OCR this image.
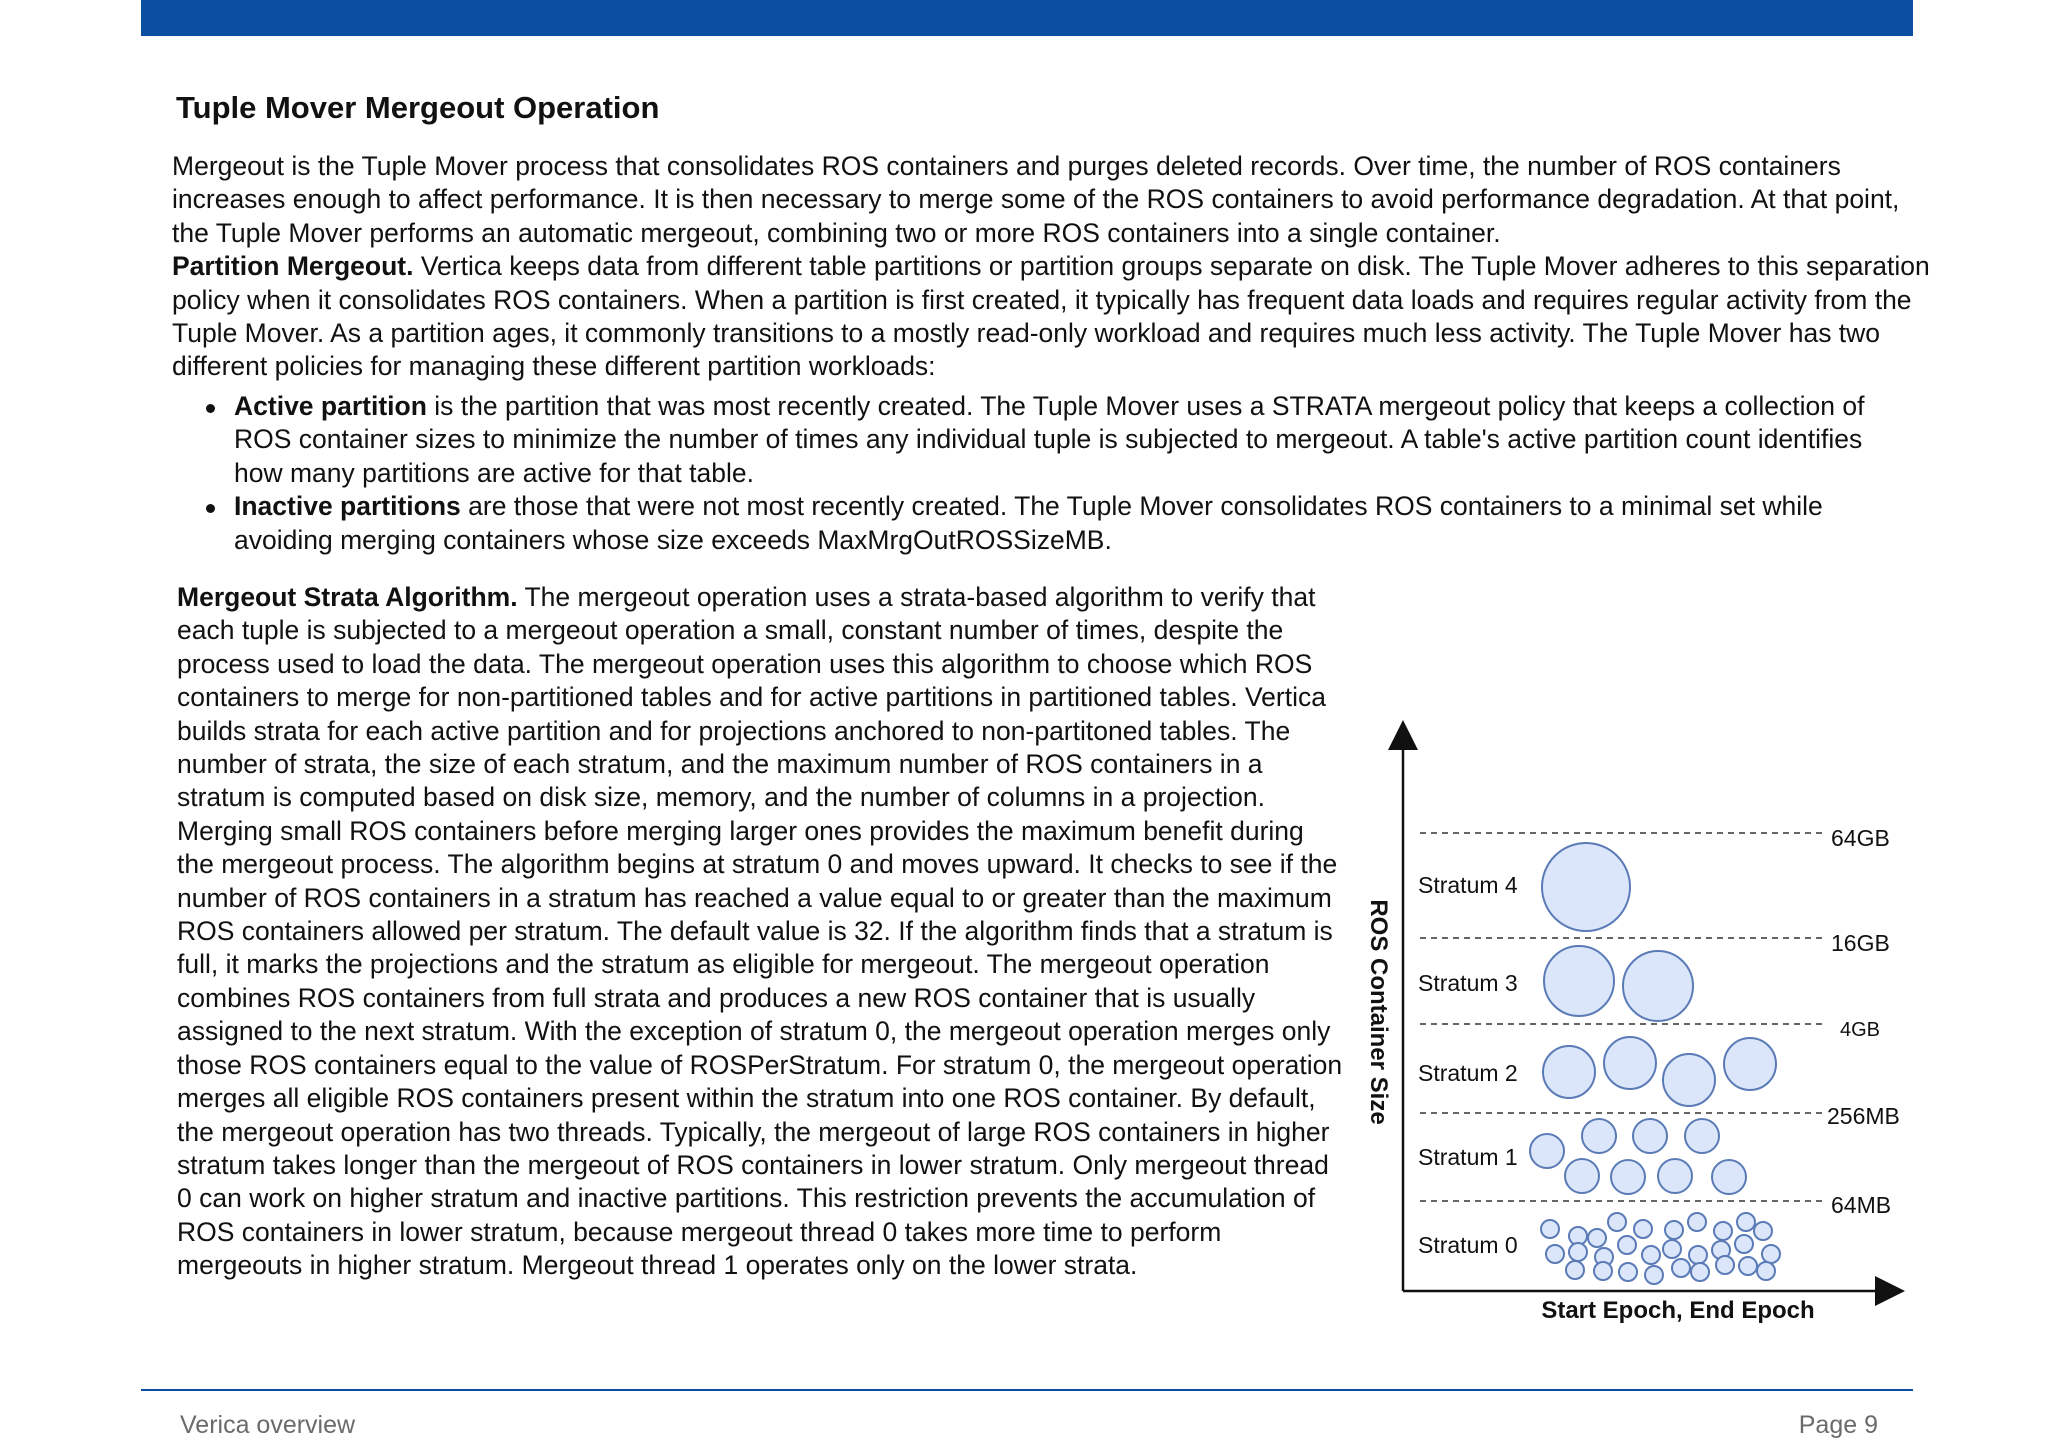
Tuple Mover Mergeout Operation

Mergeout is the Tuple Mover process that consolidates ROS containers and purges deleted records. Over time, the number of ROS containers increases enough to affect performance. It is then necessary to merge some of the ROS containers to avoid performance degradation. At that point, the Tuple Mover performs an automatic mergeout, combining two or more ROS containers into a single container.
Partition Mergeout. Vertica keeps data from different table partitions or partition groups separate on disk. The Tuple Mover adheres to this separation policy when it consolidates ROS containers. When a partition is first created, it typically has frequent data loads and requires regular activity from the Tuple Mover. As a partition ages, it commonly transitions to a mostly read-only workload and requires much less activity. The Tuple Mover has two different policies for managing these different partition workloads:

Active partition is the partition that was most recently created. The Tuple Mover uses a STRATA mergeout policy that keeps a collection of ROS container sizes to minimize the number of times any individual tuple is subjected to mergeout. A table's active partition count identifies how many partitions are active for that table.
Inactive partitions are those that were not most recently created. The Tuple Mover consolidates ROS containers to a minimal set while avoiding merging containers whose size exceeds MaxMrgOutROSSizeMB.

Mergeout Strata Algorithm. The mergeout operation uses a strata-based algorithm to verify that each tuple is subjected to a mergeout operation a small, constant number of times, despite the process used to load the data. The mergeout operation uses this algorithm to choose which ROS containers to merge for non-partitioned tables and for active partitions in partitioned tables. Vertica builds strata for each active partition and for projections anchored to non-partitoned tables. The number of strata, the size of each stratum, and the maximum number of ROS containers in a stratum is computed based on disk size, memory, and the number of columns in a projection. Merging small ROS containers before merging larger ones provides the maximum benefit during the mergeout process. The algorithm begins at stratum 0 and moves upward. It checks to see if the number of ROS containers in a stratum has reached a value equal to or greater than the maximum ROS containers allowed per stratum. The default value is 32. If the algorithm finds that a stratum is full, it marks the projections and the stratum as eligible for mergeout. The mergeout operation combines ROS containers from full strata and produces a new ROS container that is usually assigned to the next stratum. With the exception of stratum 0, the mergeout operation merges only those ROS containers equal to the value of ROSPerStratum. For stratum 0, the mergeout operation merges all eligible ROS containers present within the stratum into one ROS container. By default, the mergeout operation has two threads. Typically, the mergeout of large ROS containers in higher stratum takes longer than the mergeout of ROS containers in lower stratum. Only mergeout thread 0 can work on higher stratum and inactive partitions. This restriction prevents the accumulation of ROS containers in lower stratum, because mergeout thread 0 takes more time to perform mergeouts in higher stratum. Mergeout thread 1 operates only on the lower strata.

64GB
16GB
4GB
256MB
64MB
Stratum 4
Stratum 3
Stratum 2
Stratum 1
Stratum 0
ROS Container Size
Start Epoch, End Epoch
Verica overview	Page 9
